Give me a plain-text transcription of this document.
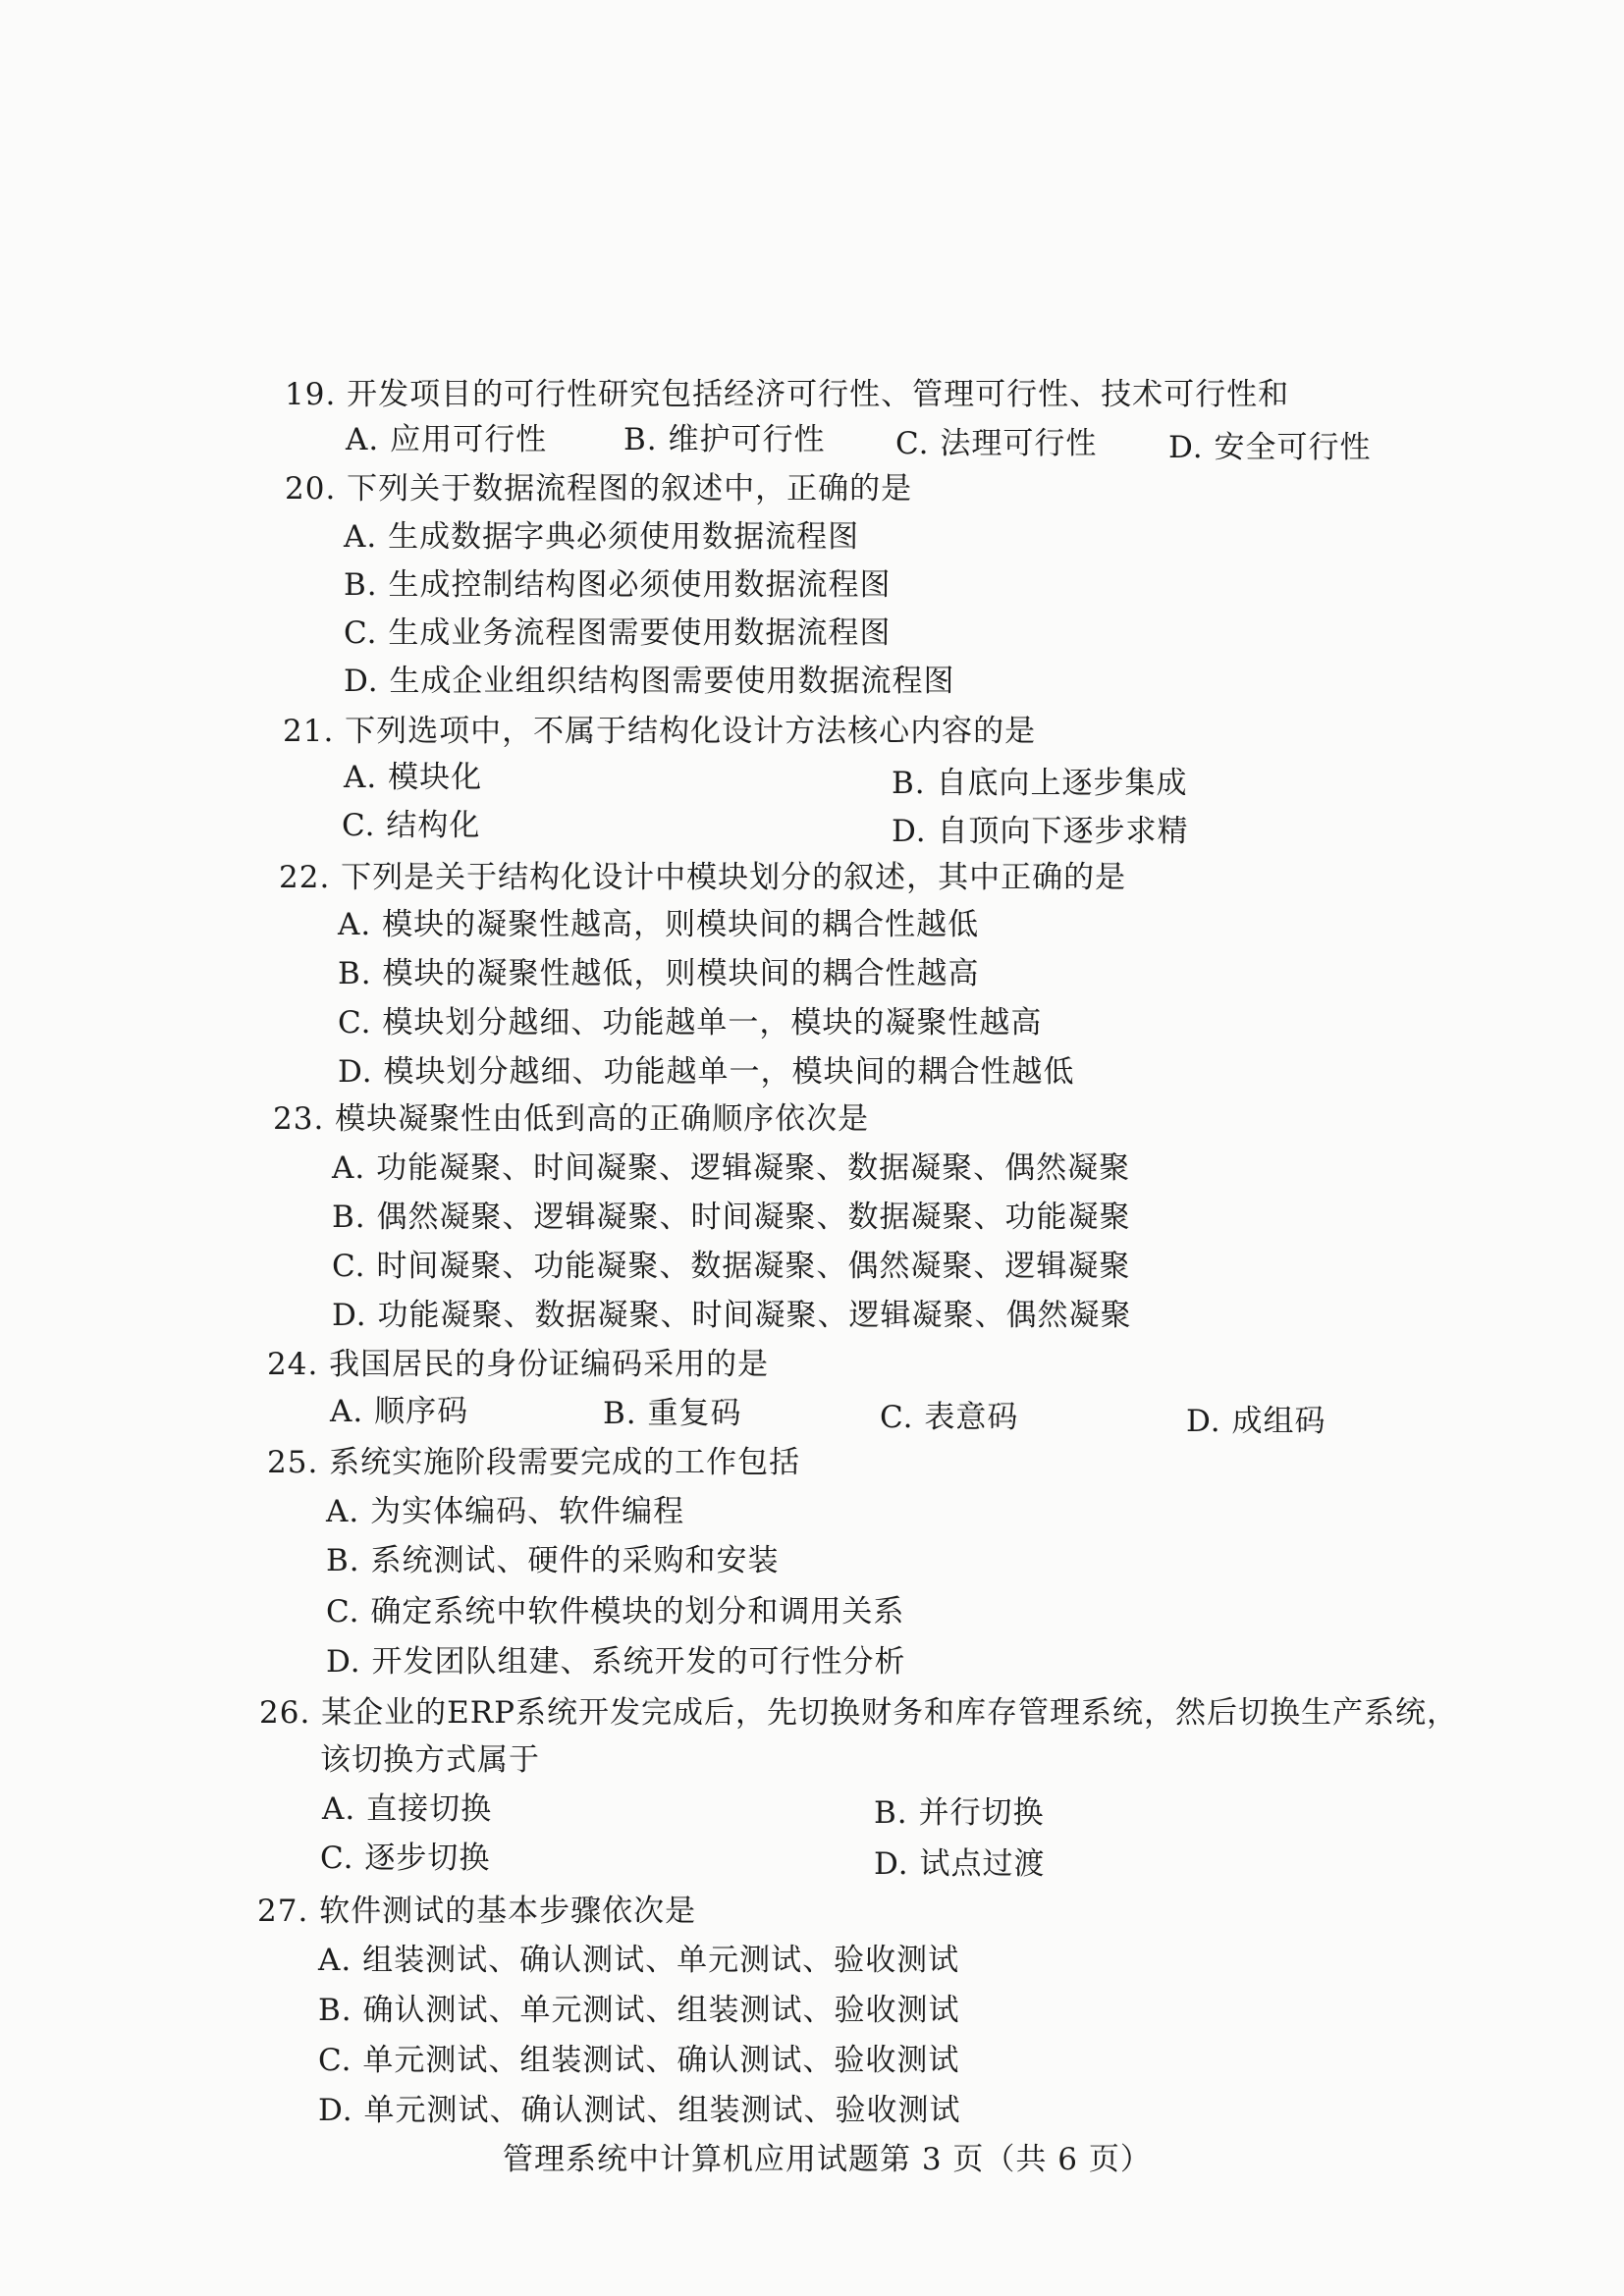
19. 开发项目的可行性研究包括经济可行性、管理可行性、技术可行性和
A. 应用可行性	B. 维护可行性 C. 法理可行性 D. 安全可行性
20. 下列关于数据流程图的叙述中，正确的是
A. 生成数据字典必须使用数据流程图
B. 生成控制结构图必须使用数据流程图
C. 生成业务流程图需要使用数据流程图
D. 生成企业组织结构图需要使用数据流程图
21. 下列选项中，不属于结构化设计方法核心内容的是
A. 模块化	B. 自底向上逐步集成
C. 结构化	D. 自顶向下逐步求精
22. 下列是关于结构化设计中模块划分的叙述，其中正确的是
A. 模块的凝聚性越高，则模块间的耦合性越低
B. 模块的凝聚性越低，则模块间的耦合性越高
C. 模块划分越细、功能越单一，模块的凝聚性越高
D. 模块划分越细、功能越单一，模块间的耦合性越低
23. 模块凝聚性由低到高的正确顺序依次是
A. 功能凝聚、时间凝聚、逻辑凝聚、数据凝聚、偶然凝聚
B. 偶然凝聚、逻辑凝聚、时间凝聚、数据凝聚、功能凝聚
C. 时间凝聚、功能凝聚、数据凝聚、偶然凝聚、逻辑凝聚
D. 功能凝聚、数据凝聚、时间凝聚、逻辑凝聚、偶然凝聚
24. 我国居民的身份证编码采用的是
A. 顺序码	B. 重复码	C. 表意码	D. 成组码
25. 系统实施阶段需要完成的工作包括
A. 为实体编码、软件编程
B. 系统测试、硬件的采购和安装
C. 确定系统中软件模块的划分和调用关系
D. 开发团队组建、系统开发的可行性分析
26. 某企业的ERP系统开发完成后，先切换财务和库存管理系统，然后切换生产系统，
该切换方式属于
A. 直接切换	B. 并行切换
C. 逐步切换	D. 试点过渡
27. 软件测试的基本步骤依次是
A. 组装测试、确认测试、单元测试、验收测试
B. 确认测试、单元测试、组装测试、验收测试
C. 单元测试、组装测试、确认测试、验收测试
D. 单元测试、确认测试、组装测试、验收测试
管理系统中计算机应用试题第 3 页（共 6 页）
